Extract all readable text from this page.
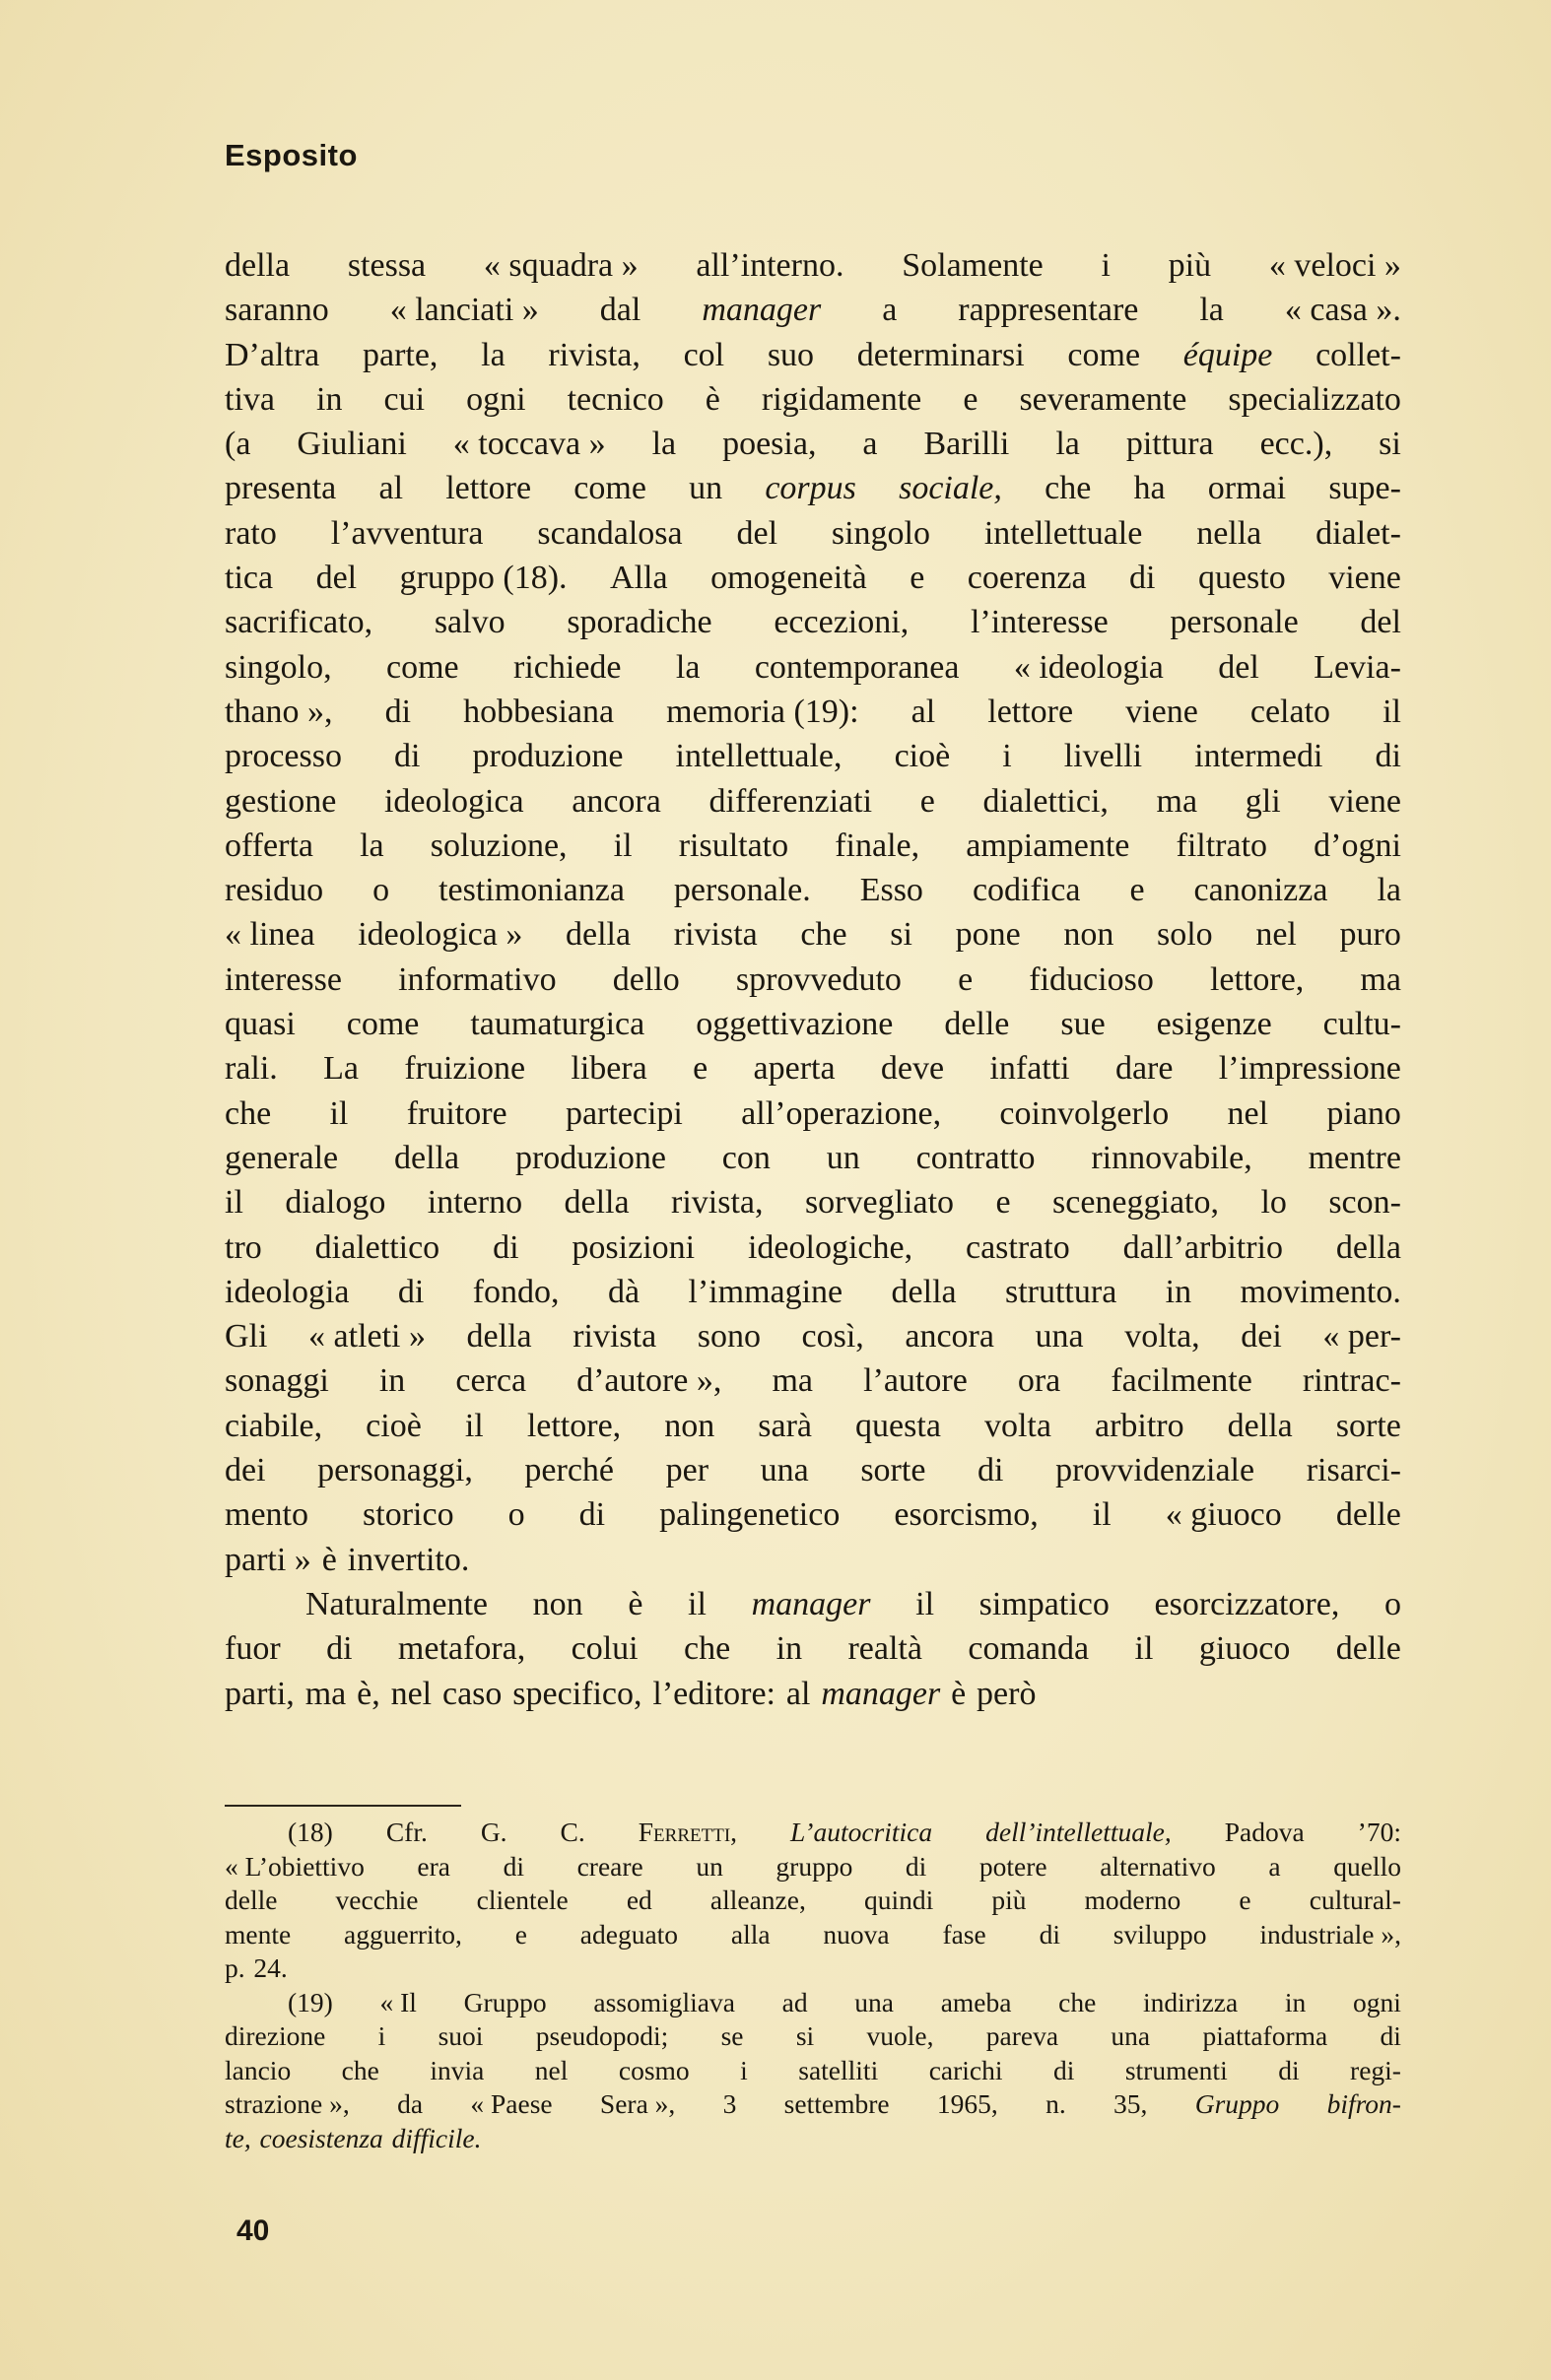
Esposito
della stessa « squadra » all’interno. Solamente i più « veloci »
saranno « lanciati » dal manager a rappresentare la « casa ».
D’altra parte, la rivista, col suo determinarsi come équipe collet-
tiva in cui ogni tecnico è rigidamente e severamente specializzato
(a Giuliani « toccava » la poesia, a Barilli la pittura ecc.), si
presenta al lettore come un corpus sociale, che ha ormai supe-
rato l’avventura scandalosa del singolo intellettuale nella dialet-
tica del gruppo (18). Alla omogeneità e coerenza di questo viene
sacrificato, salvo sporadiche eccezioni, l’interesse personale del
singolo, come richiede la contemporanea « ideologia del Levia-
thano », di hobbesiana memoria (19): al lettore viene celato il
processo di produzione intellettuale, cioè i livelli intermedi di
gestione ideologica ancora differenziati e dialettici, ma gli viene
offerta la soluzione, il risultato finale, ampiamente filtrato d’ogni
residuo o testimonianza personale. Esso codifica e canonizza la
« linea ideologica » della rivista che si pone non solo nel puro
interesse informativo dello sprovveduto e fiducioso lettore, ma
quasi come taumaturgica oggettivazione delle sue esigenze cultu-
rali. La fruizione libera e aperta deve infatti dare l’impressione
che il fruitore partecipi all’operazione, coinvolgerlo nel piano
generale della produzione con un contratto rinnovabile, mentre
il dialogo interno della rivista, sorvegliato e sceneggiato, lo scon-
tro dialettico di posizioni ideologiche, castrato dall’arbitrio della
ideologia di fondo, dà l’immagine della struttura in movimento.
Gli « atleti » della rivista sono così, ancora una volta, dei « per-
sonaggi in cerca d’autore », ma l’autore ora facilmente rintrac-
ciabile, cioè il lettore, non sarà questa volta arbitro della sorte
dei personaggi, perché per una sorte di provvidenziale risarci-
mento storico o di palingenetico esorcismo, il « giuoco delle
parti » è invertito.
Naturalmente non è il manager il simpatico esorcizzatore, o
fuor di metafora, colui che in realtà comanda il giuoco delle
parti, ma è, nel caso specifico, l’editore: al manager è però
(18) Cfr. G. C. Ferretti, L’autocritica dell’intellettuale, Padova ’70:
« L’obiettivo era di creare un gruppo di potere alternativo a quello
delle vecchie clientele ed alleanze, quindi più moderno e cultural-
mente agguerrito, e adeguato alla nuova fase di sviluppo industriale »,
p. 24.
(19) « Il Gruppo assomigliava ad una ameba che indirizza in ogni
direzione i suoi pseudopodi; se si vuole, pareva una piattaforma di
lancio che invia nel cosmo i satelliti carichi di strumenti di regi-
strazione », da « Paese Sera », 3 settembre 1965, n. 35, Gruppo bifron-
te, coesistenza difficile.
40
